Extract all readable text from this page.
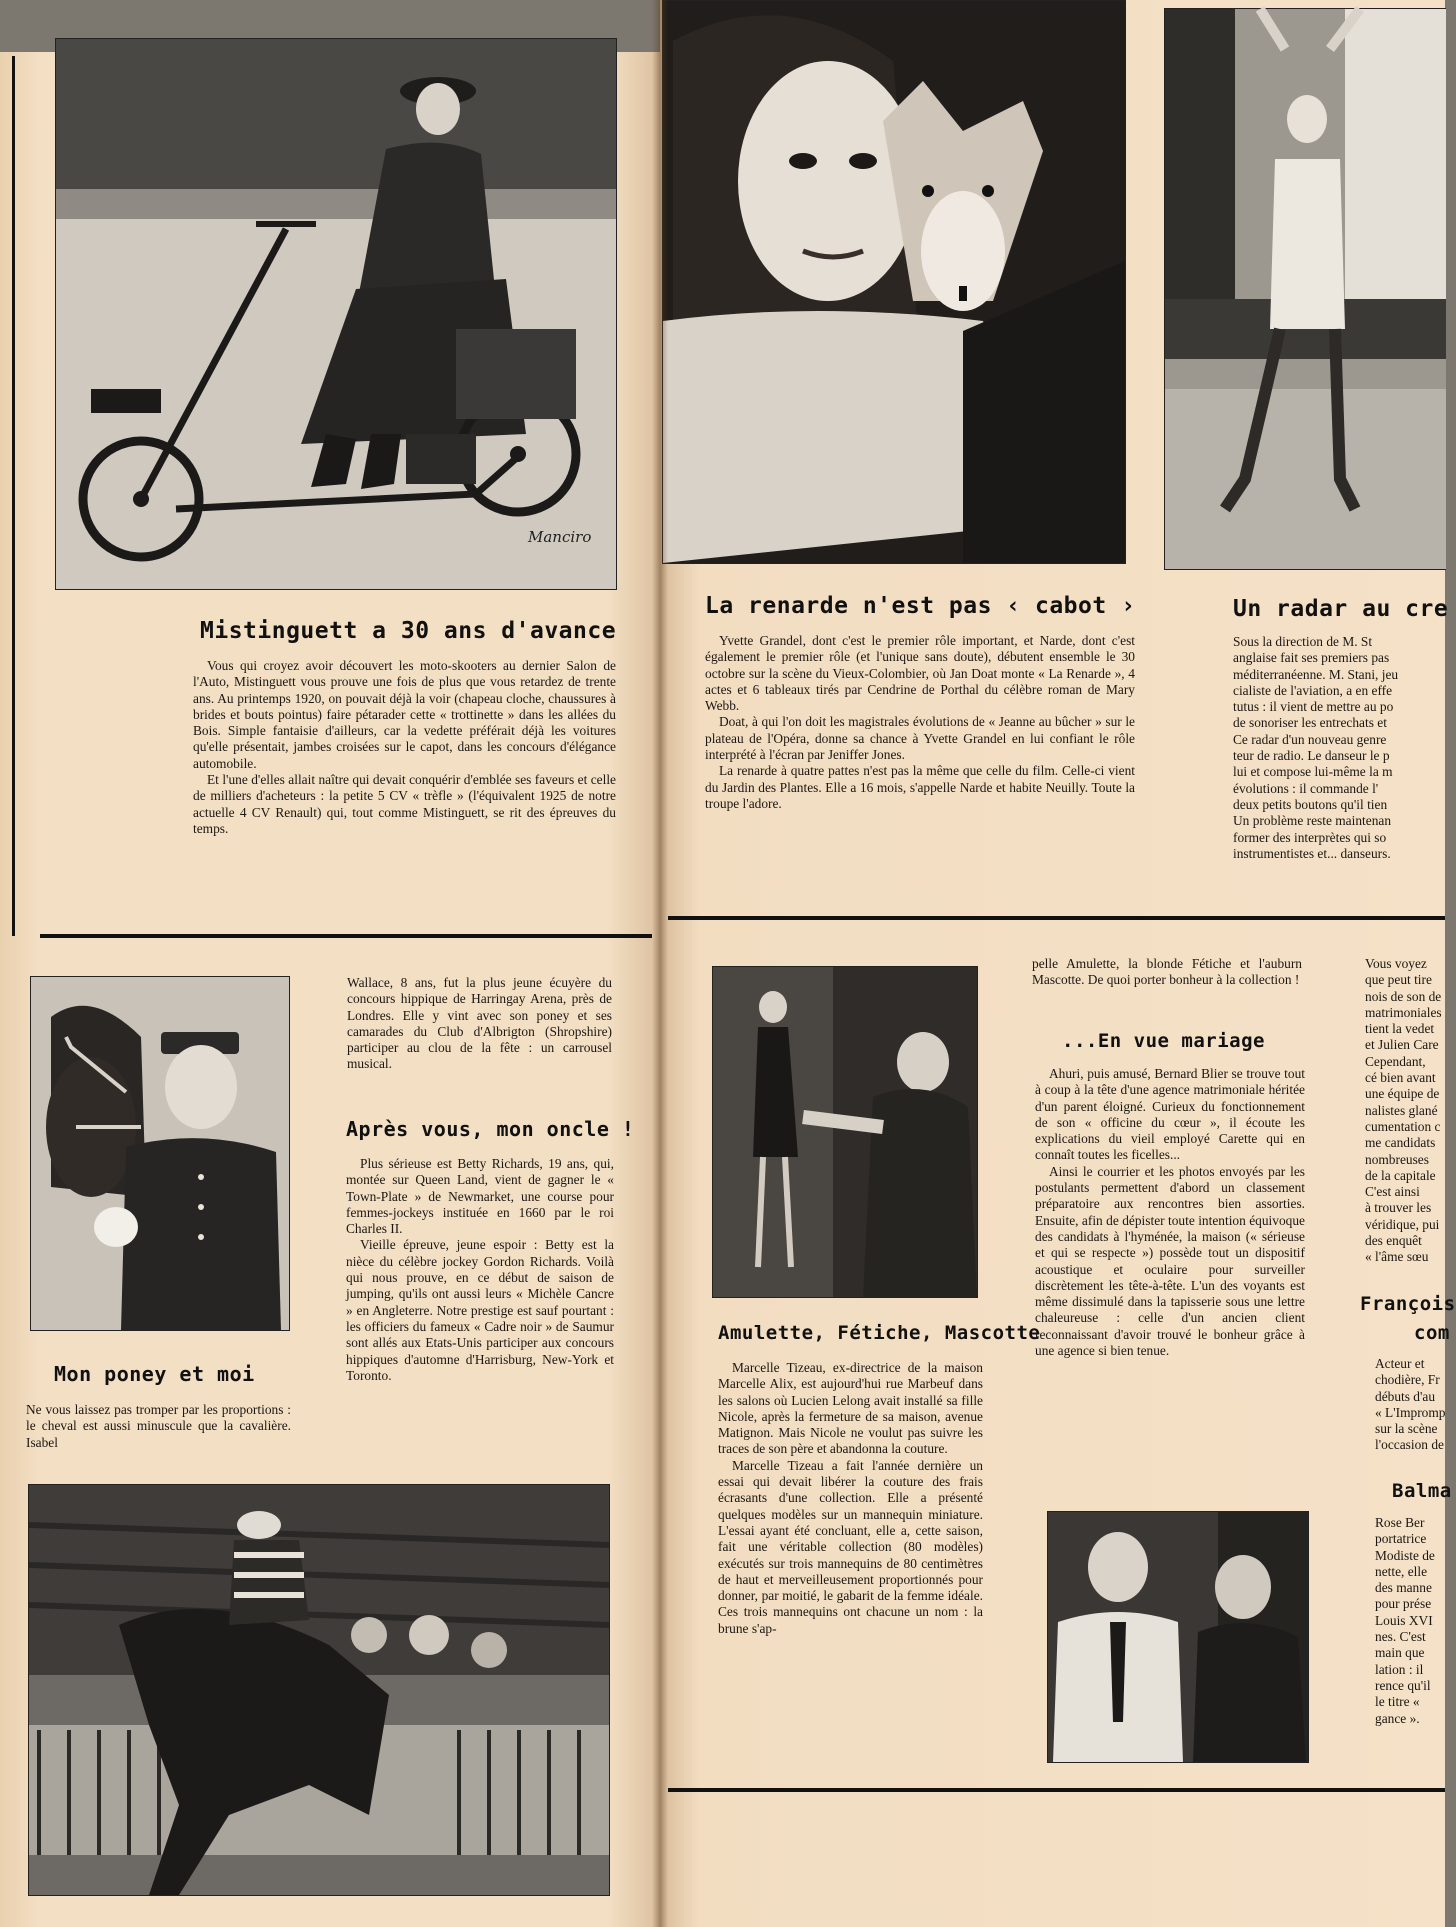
Manciro
Mistinguett a 30 ans d'avance

Vous qui croyez avoir découvert les moto-skooters au dernier Salon de l'Auto, Mistinguett vous prouve une fois de plus que vous retardez de trente ans. Au printemps 1920, on pouvait déjà la voir (chapeau cloche, chaussures à brides et bouts pointus) faire pétarader cette « trottinette » dans les allées du Bois. Simple fantaisie d'ailleurs, car la vedette préférait déjà les voitures qu'elle présentait, jambes croisées sur le capot, dans les concours d'élégance automobile.

Et l'une d'elles allait naître qui devait conquérir d'emblée ses faveurs et celle de milliers d'acheteurs : la petite 5 CV « trèfle » (l'équivalent 1925 de notre actuelle 4 CV Renault) qui, tout comme Mistinguett, se rit des épreuves du temps.

Wallace, 8 ans, fut la plus jeune écuyère du concours hippique de Harringay Arena, près de Londres. Elle y vint avec son poney et ses camarades du Club d'Albrigton (Shropshire) participer au clou de la fête : un carrousel musical.
Après vous, mon oncle !

Plus sérieuse est Betty Richards, 19 ans, qui, montée sur Queen Land, vient de gagner le « Town-Plate » de Newmarket, une course pour femmes-jockeys instituée en 1660 par le roi Charles II.

Vieille épreuve, jeune espoir : Betty est la nièce du célèbre jockey Gordon Richards. Voilà qui nous prouve, en ce début de saison de jumping, qu'ils ont aussi leurs « Michèle Cancre » en Angleterre. Notre prestige est sauf pourtant : les officiers du fameux « Cadre noir » de Saumur sont allés aux Etats-Unis participer aux concours hippiques d'automne d'Harrisburg, New-York et Toronto.

Mon poney et moi
Ne vous laissez pas tromper par les proportions : le cheval est aussi minuscule que la cavalière. Isabel
La renarde n'est pas ‹ cabot ›

Yvette Grandel, dont c'est le premier rôle important, et Narde, dont c'est également le premier rôle (et l'unique sans doute), débutent ensemble le 30 octobre sur la scène du Vieux-Colombier, où Jan Doat monte « La Renarde », 4 actes et 6 tableaux tirés par Cendrine de Porthal du célèbre roman de Mary Webb.

Doat, à qui l'on doit les magistrales évolutions de « Jeanne au bûcher » sur le plateau de l'Opéra, donne sa chance à Yvette Grandel en lui confiant le rôle interprété à l'écran par Jeniffer Jones.

La renarde à quatre pattes n'est pas la même que celle du film. Celle-ci vient du Jardin des Plantes. Elle a 16 mois, s'appelle Narde et habite Neuilly. Toute la troupe l'adore.

Un radar au cre
Sous la direction de M. St
anglaise fait ses premiers pas
méditerranéenne. M. Stani, jeu
cialiste de l'aviation, a en effe
tutus : il vient de mettre au po
de sonoriser les entrechats et
Ce radar d'un nouveau genre
teur de radio. Le danseur le p
lui et compose lui-même la m
évolutions : il commande l'
deux petits boutons qu'il tien
Un problème reste maintenan
former des interprètes qui so
instrumentistes et... danseurs.
Amulette, Fétiche, Mascotte

Marcelle Tizeau, ex-directrice de la maison Marcelle Alix, est aujourd'hui rue Marbeuf dans les salons où Lucien Lelong avait installé sa fille Nicole, après la fermeture de sa maison, avenue Matignon. Mais Nicole ne voulut pas suivre les traces de son père et abandonna la couture.

Marcelle Tizeau a fait l'année dernière un essai qui devait libérer la couture des frais écrasants d'une collection. Elle a présenté quelques modèles sur un mannequin miniature. L'essai ayant été concluant, elle a, cette saison, fait une véritable collection (80 modèles) exécutés sur trois mannequins de 80 centimètres de haut et merveilleusement proportionnés pour donner, par moitié, le gabarit de la femme idéale. Ces trois mannequins ont chacune un nom : la brune s'ap-

pelle Amulette, la blonde Fétiche et l'auburn Mascotte. De quoi porter bonheur à la collection !
...En vue mariage

Ahuri, puis amusé, Bernard Blier se trouve tout à coup à la tête d'une agence matrimoniale héritée d'un parent éloigné. Curieux du fonctionnement de son « officine du cœur », il écoute les explications du vieil employé Carette qui en connaît toutes les ficelles...

Ainsi le courrier et les photos envoyés par les postulants permettent d'abord un classement préparatoire aux rencontres bien assorties. Ensuite, afin de dépister toute intention équivoque des candidats à l'hyménée, la maison (« sérieuse et qui se respecte ») possède tout un dispositif acoustique et oculaire pour surveiller discrètement les tête-à-tête. L'un des voyants est même dissimulé dans la tapisserie sous une lettre chaleureuse : celle d'un ancien client reconnaissant d'avoir trouvé le bonheur grâce à une agence si bien tenue.

Vous voyez
que peut tire
nois de son de
matrimoniales
tient la vedet
et Julien Care
Cependant,
cé bien avant
une équipe de
nalistes glané
cumentation c
me candidats
nombreuses
de la capitale
C'est ainsi
à trouver les
véridique, pui
des enquêt
« l'âme sœu
François
com
Acteur et
chodière, Fr
débuts d'au
« L'Impromp
sur la scène
l'occasion de
Balma
Rose Ber
portatrice
Modiste de
nette, elle
des manne
pour prése
Louis XVI
nes. C'est
main que
lation : il
rence qu'il
le titre «
gance ».
